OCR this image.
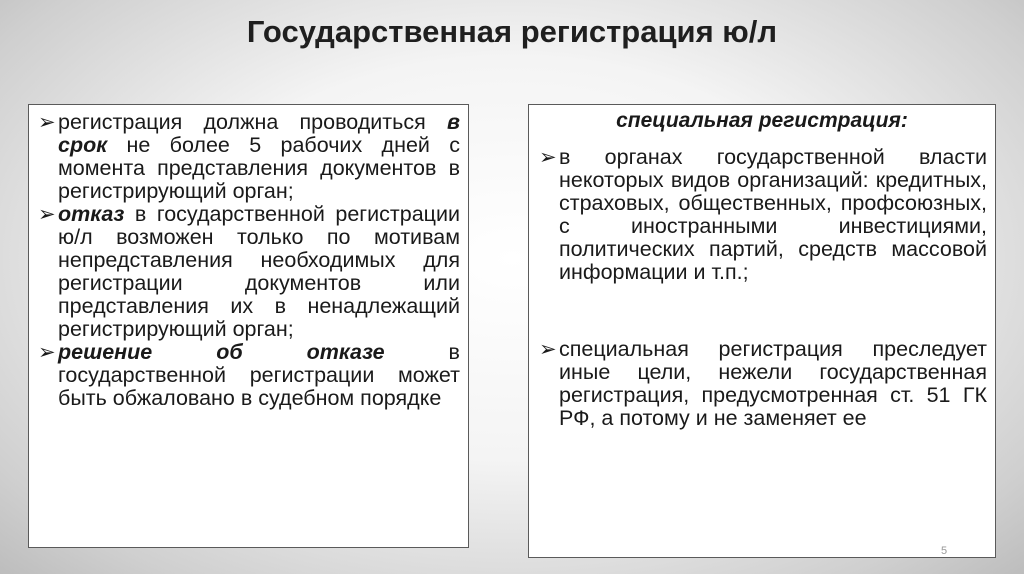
Государственная регистрация ю/л
➢ регистрация должна проводиться в срок не более 5 рабочих дней с момента представления документов в регистрирующий орган;
➢ отказ в государственной регистрации ю/л возможен только по мотивам непредставления необходимых для регистрации документов или представления их в ненадлежащий регистрирующий орган;
➢ решение об отказе в государственной регистрации может быть обжаловано в судебном порядке
специальная регистрация:
➢ в органах государственной власти некоторых видов организаций: кредитных, страховых, общественных, профсоюзных, с иностранными инвестициями, политических партий, средств массовой информации и т.п.;
➢ специальная регистрация преследует иные цели, нежели государственная регистрация, предусмотренная ст. 51 ГК РФ, а потому и не заменяет ее
5
